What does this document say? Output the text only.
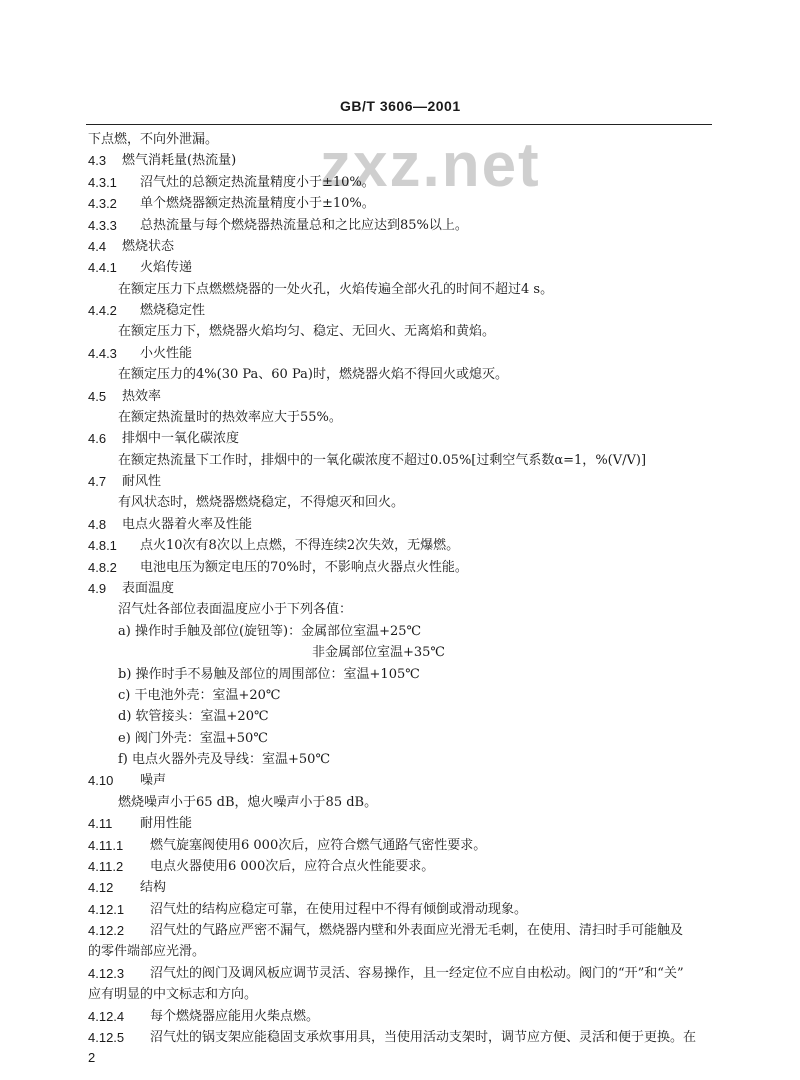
GB/T 3606—2001
zxz.net
下点燃，不向外泄漏。
4.3 燃气消耗量(热流量)
4.3.1 沼气灶的总额定热流量精度小于±10%。
4.3.2 单个燃烧器额定热流量精度小于±10%。
4.3.3 总热流量与每个燃烧器热流量总和之比应达到85%以上。
4.4 燃烧状态
4.4.1 火焰传递
在额定压力下点燃燃烧器的一处火孔，火焰传遍全部火孔的时间不超过4 s。
4.4.2 燃烧稳定性
在额定压力下，燃烧器火焰均匀、稳定、无回火、无离焰和黄焰。
4.4.3 小火性能
在额定压力的4%(30 Pa、60 Pa)时，燃烧器火焰不得回火或熄灭。
4.5 热效率
在额定热流量时的热效率应大于55%。
4.6 排烟中一氧化碳浓度
在额定热流量下工作时，排烟中的一氧化碳浓度不超过0.05%[过剩空气系数α=1，%(V/V)]
4.7 耐风性
有风状态时，燃烧器燃烧稳定，不得熄灭和回火。
4.8 电点火器着火率及性能
4.8.1 点火10次有8次以上点燃，不得连续2次失效，无爆燃。
4.8.2 电池电压为额定电压的70%时，不影响点火器点火性能。
4.9 表面温度
沼气灶各部位表面温度应小于下列各值：
a) 操作时手触及部位(旋钮等)：金属部位室温+25℃
非金属部位室温+35℃
b) 操作时手不易触及部位的周围部位：室温+105℃
c) 干电池外壳：室温+20℃
d) 软管接头：室温+20℃
e) 阀门外壳：室温+50℃
f) 电点火器外壳及导线：室温+50℃
4.10 噪声
燃烧噪声小于65 dB，熄火噪声小于85 dB。
4.11 耐用性能
4.11.1 燃气旋塞阀使用6 000次后，应符合燃气通路气密性要求。
4.11.2 电点火器使用6 000次后，应符合点火性能要求。
4.12 结构
4.12.1 沼气灶的结构应稳定可靠，在使用过程中不得有倾倒或滑动现象。
4.12.2 沼气灶的气路应严密不漏气，燃烧器内壁和外表面应光滑无毛刺，在使用、清扫时手可能触及
的零件端部应光滑。
4.12.3 沼气灶的阀门及调风板应调节灵活、容易操作，且一经定位不应自由松动。阀门的“开”和“关”
应有明显的中文标志和方向。
4.12.4 每个燃烧器应能用火柴点燃。
4.12.5 沼气灶的锅支架应能稳固支承炊事用具，当使用活动支架时，调节应方便、灵活和便于更换。在
2
